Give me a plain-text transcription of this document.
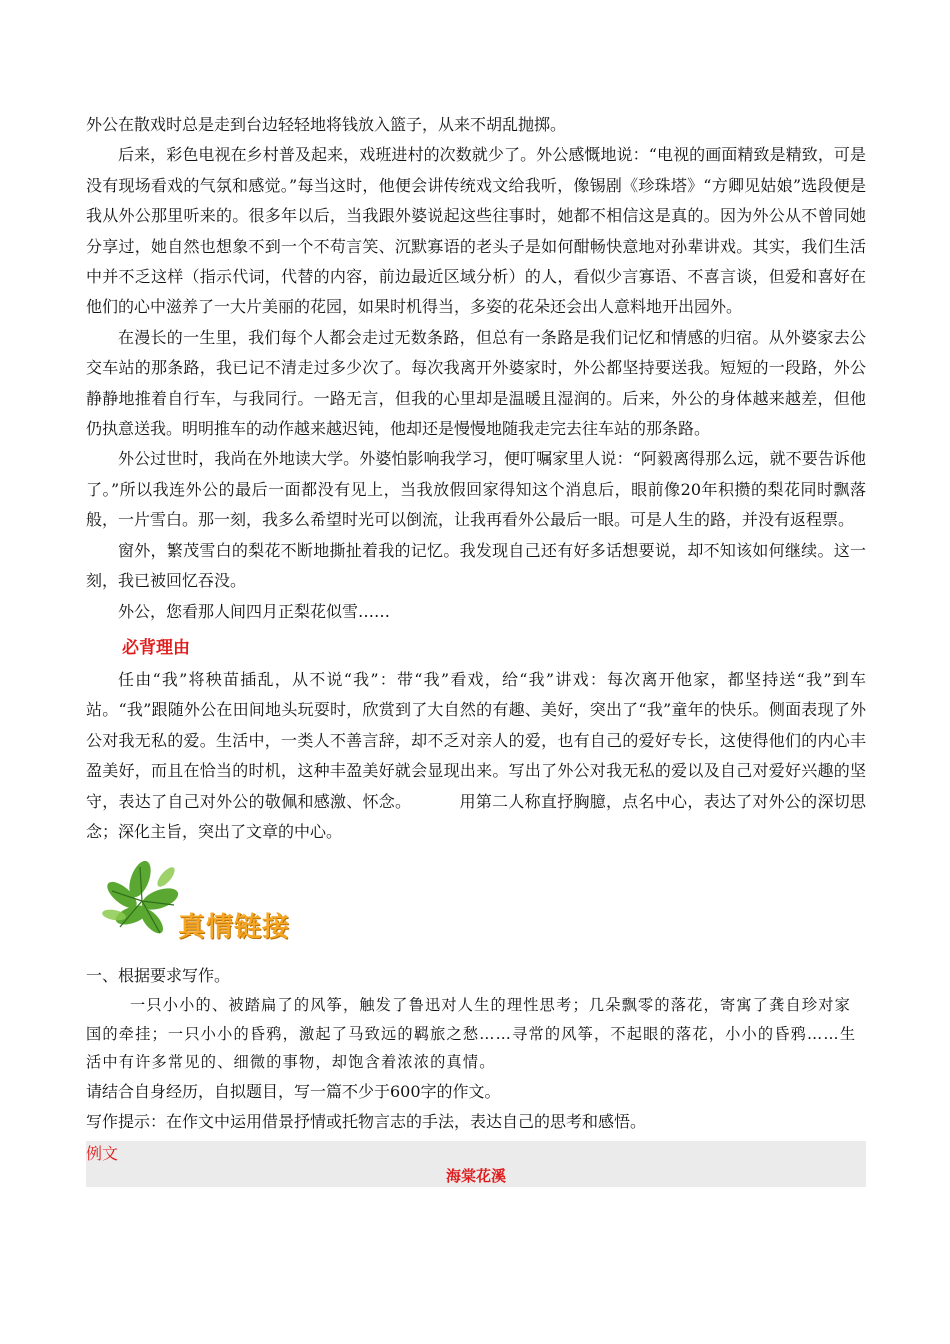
外公在散戏时总是走到台边轻轻地将钱放入篮子，从来不胡乱抛掷。

后来，彩色电视在乡村普及起来，戏班进村的次数就少了。外公感慨地说：“电视的画面精致是精致，可是没有现场看戏的气氛和感觉。”每当这时，他便会讲传统戏文给我听，像锡剧《珍珠塔》“方卿见姑娘”选段便是我从外公那里听来的。很多年以后，当我跟外婆说起这些往事时，她都不相信这是真的。因为外公从不曾同她分享过，她自然也想象不到一个不苟言笑、沉默寡语的老头子是如何酣畅快意地对孙辈讲戏。其实，我们生活中并不乏这样（指示代词，代替的内容，前边最近区域分析）的人，看似少言寡语、不喜言谈，但爱和喜好在他们的心中滋养了一大片美丽的花园，如果时机得当，多姿的花朵还会出人意料地开出园外。

在漫长的一生里，我们每个人都会走过无数条路，但总有一条路是我们记忆和情感的归宿。从外婆家去公交车站的那条路，我已记不清走过多少次了。每次我离开外婆家时，外公都坚持要送我。短短的一段路，外公静静地推着自行车，与我同行。一路无言，但我的心里却是温暖且湿润的。后来，外公的身体越来越差，但他仍执意送我。明明推车的动作越来越迟钝，他却还是慢慢地随我走完去往车站的那条路。

外公过世时，我尚在外地读大学。外婆怕影响我学习，便叮嘱家里人说：“阿毅离得那么远，就不要告诉他了。”所以我连外公的最后一面都没有见上，当我放假回家得知这个消息后，眼前像20年积攒的梨花同时飘落般，一片雪白。那一刻，我多么希望时光可以倒流，让我再看外公最后一眼。可是人生的路，并没有返程票。

窗外，繁茂雪白的梨花不断地撕扯着我的记忆。我发现自己还有好多话想要说，却不知该如何继续。这一刻，我已被回忆吞没。

外公，您看那人间四月正梨花似雪……

必背理由

任由“我”将秧苗插乱，从不说“我”：带“我”看戏，给“我”讲戏：每次离开他家，都坚持送“我”到车站。“我”跟随外公在田间地头玩耍时，欣赏到了大自然的有趣、美好，突出了“我”童年的快乐。侧面表现了外公对我无私的爱。生活中，一类人不善言辞，却不乏对亲人的爱，也有自己的爱好专长，这使得他们的内心丰盈美好，而且在恰当的时机，这种丰盈美好就会显现出来。写出了外公对我无私的爱以及自己对爱好兴趣的坚守，表达了自己对外公的敬佩和感激、怀念。	用第二人称直抒胸臆，点名中心，表达了对外公的深切思念；深化主旨，突出了文章的中心。

真情链接

一、根据要求写作。

一只小小的、被踏扁了的风筝，触发了鲁迅对人生的理性思考；几朵飘零的落花，寄寓了龚自珍对家国的牵挂；一只小小的昏鸦，激起了马致远的羁旅之愁……寻常的风筝，不起眼的落花，小小的昏鸦……生活中有许多常见的、细微的事物，却饱含着浓浓的真情。

请结合自身经历，自拟题目，写一篇不少于600字的作文。

写作提示：在作文中运用借景抒情或托物言志的手法，表达自己的思考和感悟。

例文
海棠花溪
